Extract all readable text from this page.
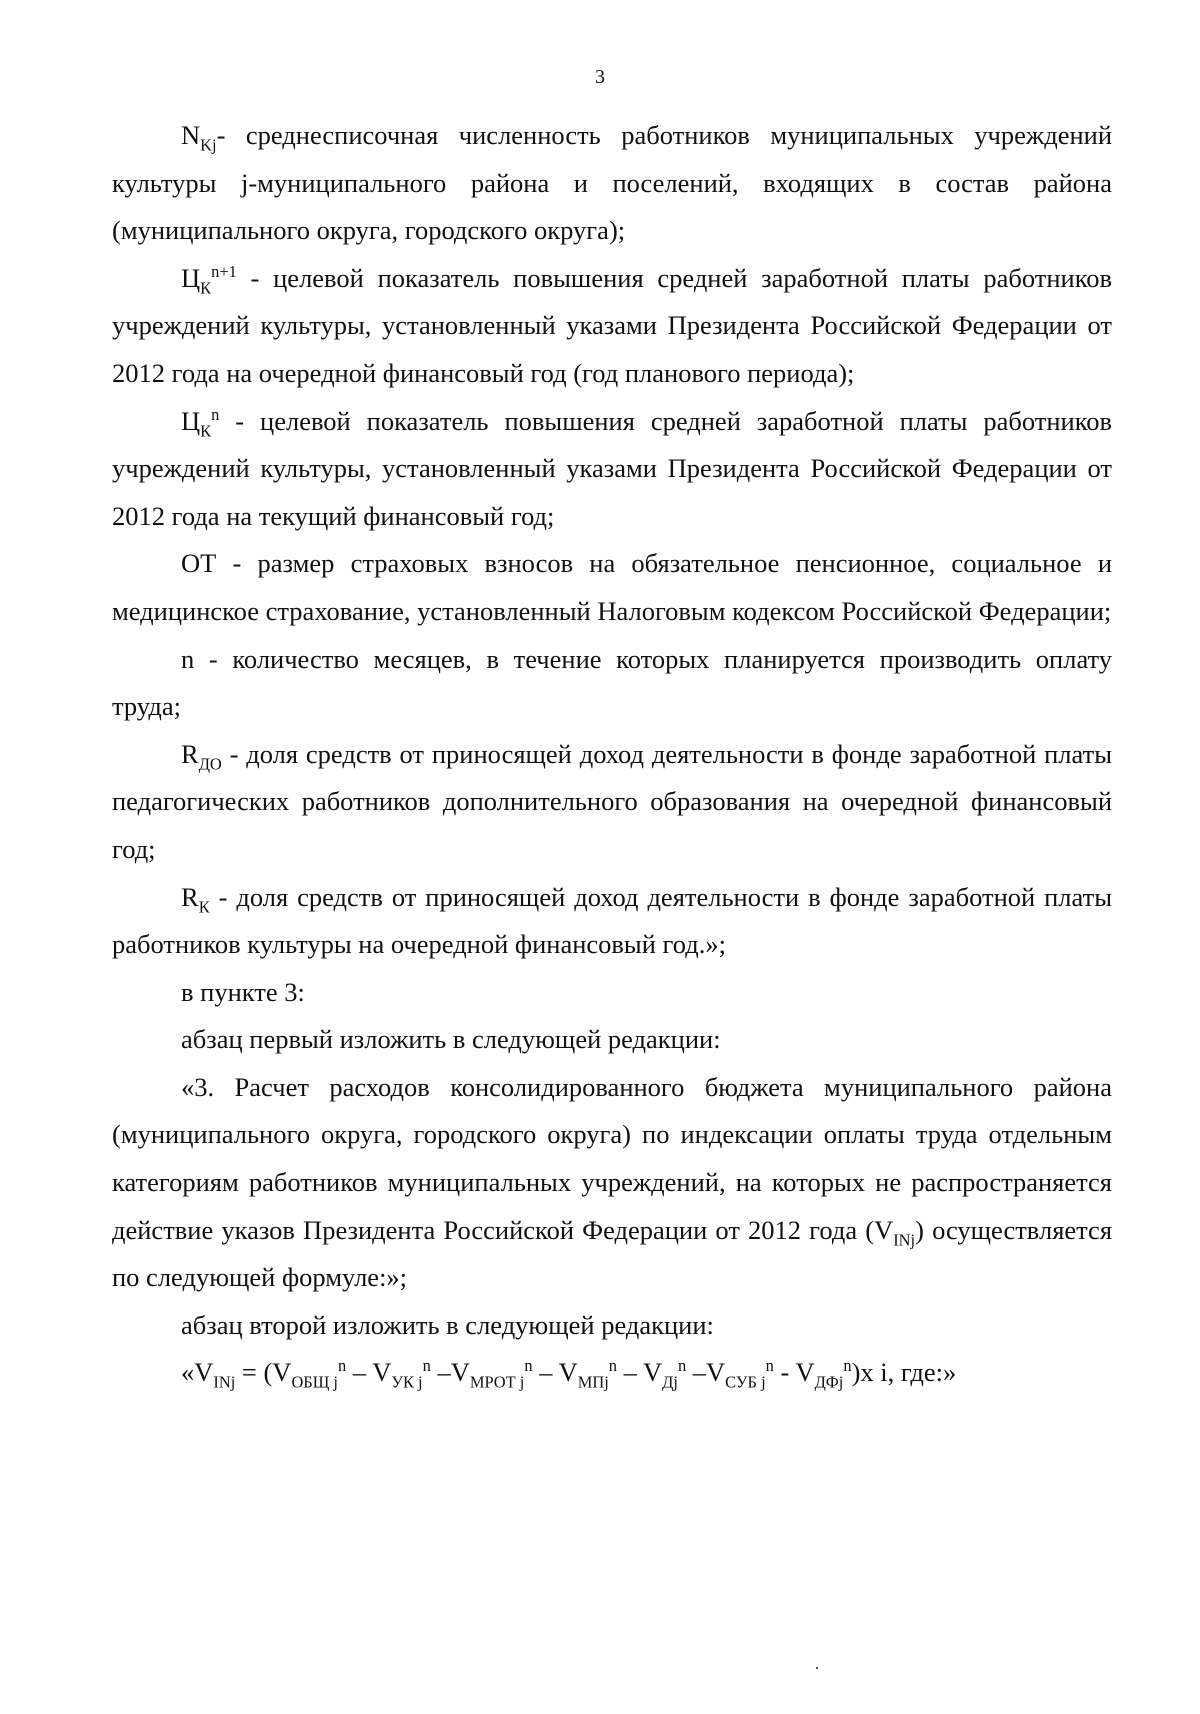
3

$N_{Kj}-$ среднесписочная численность работников муниципальных учреждений культуры j-муниципального района и поселений, входящих в состав района (муниципального округа, городского округа);

$Ц_К^{n+1}$ - целевой показатель повышения средней заработной платы работников учреждений культуры, установленный указами Президента Российской Федерации от 2012 года на очередной финансовый год (год планового периода);

$Ц_К^n$ - целевой показатель повышения средней заработной платы работников учреждений культуры, установленный указами Президента Российской Федерации от 2012 года на текущий финансовый год;

ОТ - размер страховых взносов на обязательное пенсионное, социальное и медицинское страхование, установленный Налоговым кодексом Российской Федерации;

n - количество месяцев, в течение которых планируется производить оплату труда;

$R_{ДО}$ - доля средств от приносящей доход деятельности в фонде заработной платы педагогических работников дополнительного образования на очередной финансовый год;

$R_К$ - доля средств от приносящей доход деятельности в фонде заработной платы работников культуры на очередной финансовый год.»;

в пункте 3:

абзац первый изложить в следующей редакции:

«3. Расчет расходов консолидированного бюджета муниципального района (муниципального округа, городского округа) по индексации оплаты труда отдельным категориям работников муниципальных учреждений, на которых не распространяется действие указов Президента Российской Федерации от 2012 года $(V_{INj})$ осуществляется по следующей формуле:»;

абзац второй изложить в следующей редакции:

«$V_{INj} = (V_{ОБЩ j}^n - V_{УК j}^n$ $-V_{МРОТ j}^n - V_{МПj}^n - V_{Дj}^n$ $-V_{СУБ j}^n - V_{ДФj}^n)x$ i, где:»
